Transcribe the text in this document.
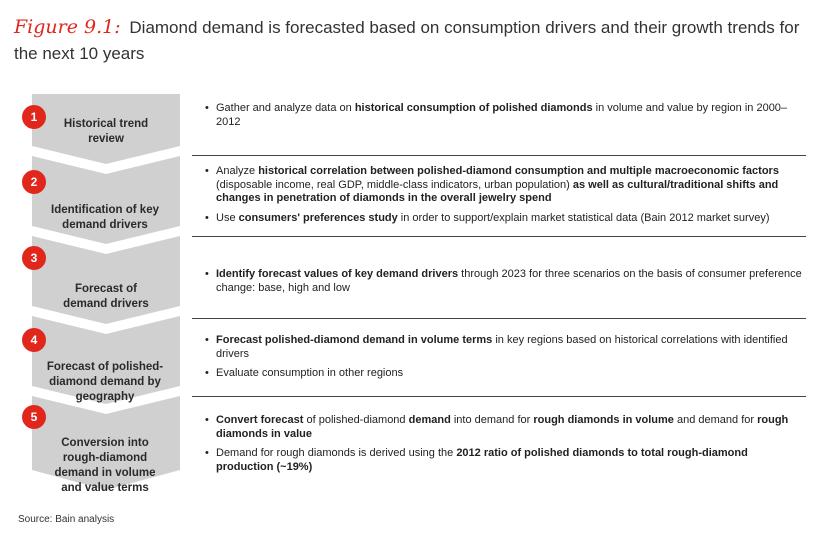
Figure 9.1: Diamond demand is forecasted based on consumption drivers and their growth trends for the next 10 years
1
2
3
4
5
Historical trend review
Identification of key demand drivers
Forecast of demand drivers
Forecast of polished-diamond demand by geography
Conversion into rough-diamond demand in volume and value terms
• Gather and analyze data on historical consumption of polished diamonds in volume and value by region in 2000–2012
• Analyze historical correlation between polished-diamond consumption and multiple macroeconomic factors (disposable income, real GDP, middle-class indicators, urban population) as well as cultural/traditional shifts and changes in penetration of diamonds in the overall jewelry spend
• Use consumers' preferences study in order to support/explain market statistical data (Bain 2012 market survey)
• Identify forecast values of key demand drivers through 2023 for three scenarios on the basis of consumer preference change: base, high and low
• Forecast polished-diamond demand in volume terms in key regions based on historical correlations with identified drivers
• Evaluate consumption in other regions
• Convert forecast of polished-diamond demand into demand for rough diamonds in volume and demand for rough diamonds in value
• Demand for rough diamonds is derived using the 2012 ratio of polished diamonds to total rough-diamond production (~19%)
Source: Bain analysis
